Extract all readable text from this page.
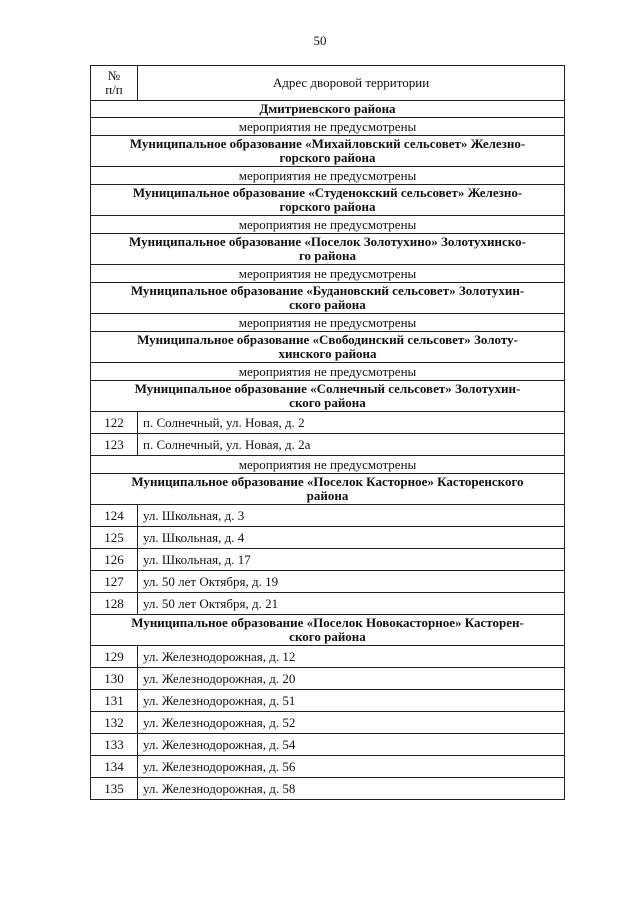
50
№
п/п	Адрес дворовой территории
Дмитриевского района	
мероприятия не предусмотрены	
Муниципальное образование «Михайловский сельсовет» Железно-
горского района	
мероприятия не предусмотрены	
Муниципальное образование «Студенокский сельсовет» Железно-
горского района	
мероприятия не предусмотрены	
Муниципальное образование «Поселок Золотухино» Золотухинско-
го района	
мероприятия не предусмотрены	
Муниципальное образование «Будановский сельсовет» Золотухин-
ского района	
мероприятия не предусмотрены	
Муниципальное образование «Свободинский сельсовет» Золоту-
хинского района	
мероприятия не предусмотрены	
Муниципальное образование «Солнечный сельсовет» Золотухин-
ского района	
122	п. Солнечный, ул. Новая, д. 2
123	п. Солнечный, ул. Новая, д. 2а
мероприятия не предусмотрены	
Муниципальное образование «Поселок Касторное» Касторенского
района	
124	ул. Школьная, д. 3
125	ул. Школьная, д. 4
126	ул. Школьная, д. 17
127	ул. 50 лет Октября, д. 19
128	ул. 50 лет Октября, д. 21
Муниципальное образование «Поселок Новокасторное» Касторен-
ского района	
129	ул. Железнодорожная, д. 12
130	ул. Железнодорожная, д. 20
131	ул. Железнодорожная, д. 51
132	ул. Железнодорожная, д. 52
133	ул. Железнодорожная, д. 54
134	ул. Железнодорожная, д. 56
135	ул. Железнодорожная, д. 58
